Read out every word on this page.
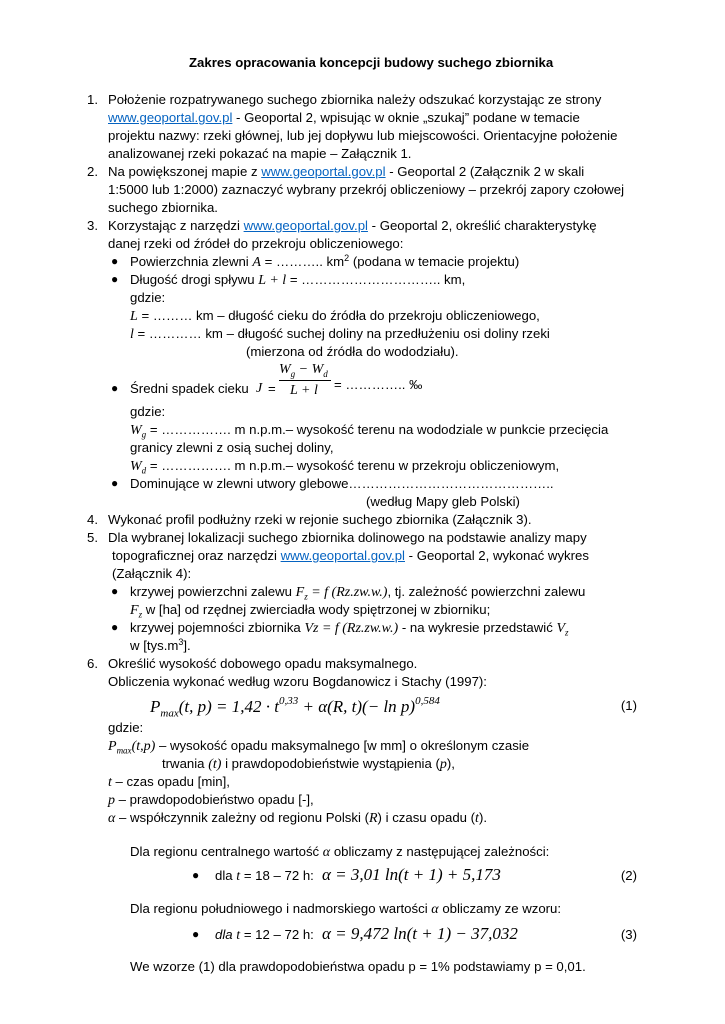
Zakres opracowania koncepcji budowy suchego zbiornika
1. Położenie rozpatrywanego suchego zbiornika należy odszukać korzystając ze strony
www.geoportal.gov.pl - Geoportal 2, wpisując w oknie „szukaj” podane w temacie
projektu nazwy: rzeki głównej, lub jej dopływu lub miejscowości. Orientacyjne położenie
analizowanej rzeki pokazać na mapie – Załącznik 1.
2. Na powiększonej mapie z www.geoportal.gov.pl - Geoportal 2 (Załącznik 2 w skali
1:5000 lub 1:2000) zaznaczyć wybrany przekrój obliczeniowy – przekrój zapory czołowej
suchego zbiornika.
3. Korzystając z narzędzi www.geoportal.gov.pl - Geoportal 2, określić charakterystykę
danej rzeki od źródeł do przekroju obliczeniowego:
● Powierzchnia zlewni A = ……….. $km^2$ (podana w temacie projektu)
● Długość drogi spływu L + l = ………………………….. km,
gdzie:
L = ……… km – długość cieku do źródła do przekroju obliczeniowego,
l = ………… km – długość suchej doliny na przedłużeniu osi doliny rzeki
(mierzona od źródła do wododziału).
● Średni spadek cieku J =
$W_g - W_d$
L + l = ………….. ‰
gdzie:
$W_g$ = ……………. m n.p.m.– wysokość terenu na wododziale w punkcie przecięcia
granicy zlewni z osią suchej doliny,
$W_d$ = ……………. m n.p.m.– wysokość terenu w przekroju obliczeniowym,
● Dominujące w zlewni utwory glebowe………………………………………..
(według Mapy gleb Polski)
4. Wykonać profil podłużny rzeki w rejonie suchego zbiornika (Załącznik 3).
5. Dla wybranej lokalizacji suchego zbiornika dolinowego na podstawie analizy mapy
topograficznej oraz narzędzi www.geoportal.gov.pl - Geoportal 2, wykonać wykres
(Załącznik 4):
● krzywej powierzchni zalewu $F_z = f$ (Rz.zw.w.), tj. zależność powierzchni zalewu
$F_z$ w [ha] od rzędnej zwierciadła wody spiętrzonej w zbiorniku;
● krzywej pojemności zbiornika Vz = f (Rz.zw.w.) - na wykresie przedstawić $V_z$
w $[tys.m^3]$.
6. Określić wysokość dobowego opadu maksymalnego.
Obliczenia wykonać według wzoru Bogdanowicz i Stachy (1997):
$P_{max}(t$, $p) = 1,42 \cdot t^{0,33} + \alpha(R$, $t)(- \ln p)^{0,584}$	(1)
gdzie:
$P_{max}(t,p)$ – wysokość opadu maksymalnego [w mm] o określonym czasie
trwania (t) i prawdopodobieństwie wystąpienia (p),
t – czas opadu [min],
p – prawdopodobieństwo opadu [-],
α – współczynnik zależny od regionu Polski (R) i czasu opadu (t).
Dla regionu centralnego wartość α obliczamy z następującej zależności:
● dla t = 18 – 72 h: α = 3,01 ln(t + 1) + 5,173	(2)
Dla regionu południowego i nadmorskiego wartości α obliczamy ze wzoru:
● dla t = 12 – 72 h: α = 9,472 ln(t + 1) − 37,032	(3)
We wzorze (1) dla prawdopodobieństwa opadu p = 1% podstawiamy p = 0,01.
